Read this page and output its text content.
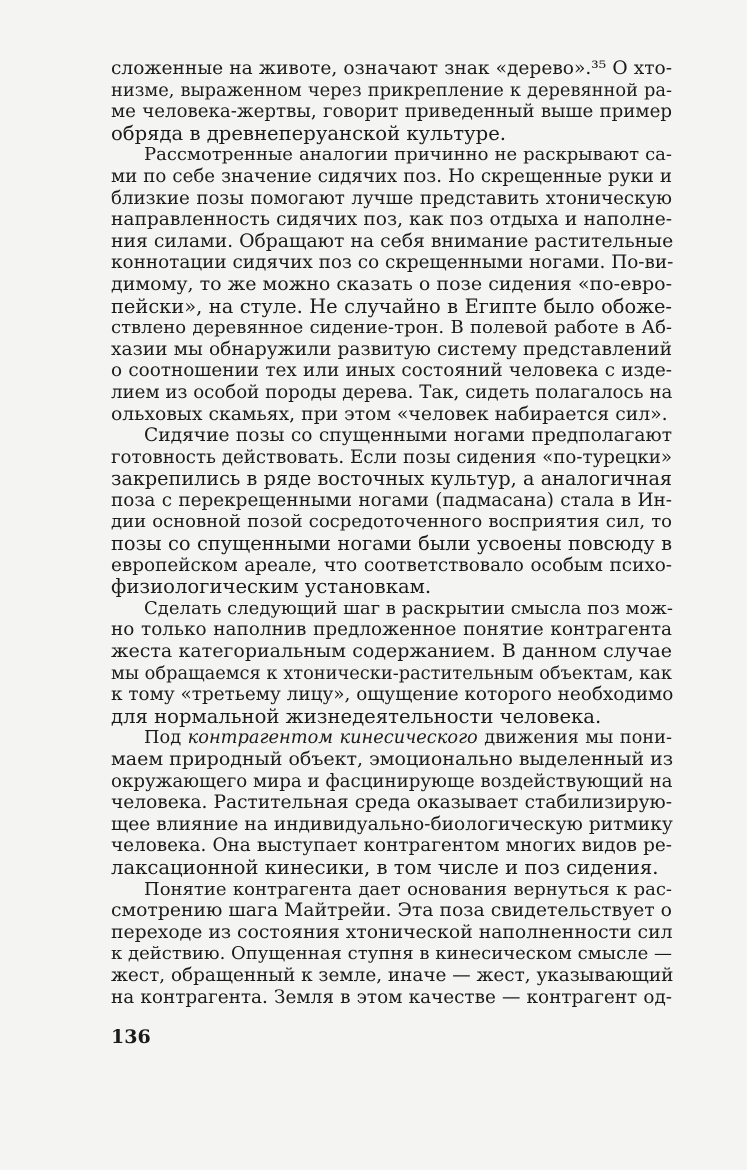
сложенные на животе, означают знак «дерево».³⁵ О хто-
низме, выраженном через прикрепление к деревянной ра-
ме человека-жертвы, говорит приведенный выше пример
обряда в древнеперуанской культуре.
Рассмотренные аналогии причинно не раскрывают са-
ми по себе значение сидячих поз. Но скрещенные руки и
близкие позы помогают лучше представить хтоническую
направленность сидячих поз, как поз отдыха и наполне-
ния силами. Обращают на себя внимание растительные
коннотации сидячих поз со скрещенными ногами. По-ви-
димому, то же можно сказать о позе сидения «по-евро-
пейски», на стуле. Не случайно в Египте было обоже-
ствлено деревянное сидение-трон. В полевой работе в Аб-
хазии мы обнаружили развитую систему представлений
о соотношении тех или иных состояний человека с изде-
лием из особой породы дерева. Так, сидеть полагалось на
ольховых скамьях, при этом «человек набирается сил».
Сидячие позы со спущенными ногами предполагают
готовность действовать. Если позы сидения «по-турецки»
закрепились в ряде восточных культур, а аналогичная
поза с перекрещенными ногами (падмасана) стала в Ин-
дии основной позой сосредоточенного восприятия сил, то
позы со спущенными ногами были усвоены повсюду в
европейском ареале, что соответствовало особым психо-
физиологическим установкам.
Сделать следующий шаг в раскрытии смысла поз мож-
но только наполнив предложенное понятие контрагента
жеста категориальным содержанием. В данном случае
мы обращаемся к хтонически-растительным объектам, как
к тому «третьему лицу», ощущение которого необходимо
для нормальной жизнедеятельности человека.
Под контрагентом кинесического движения мы пони-
маем природный объект, эмоционально выделенный из
окружающего мира и фасцинирующе воздействующий на
человека. Растительная среда оказывает стабилизирую-
щее влияние на индивидуально-биологическую ритмику
человека. Она выступает контрагентом многих видов ре-
лаксационной кинесики, в том числе и поз сидения.
Понятие контрагента дает основания вернуться к рас-
смотрению шага Майтрейи. Эта поза свидетельствует о
переходе из состояния хтонической наполненности сил
к действию. Опущенная ступня в кинесическом смысле —
жест, обращенный к земле, иначе — жест, указывающий
на контрагента. Земля в этом качестве — контрагент од-
136
